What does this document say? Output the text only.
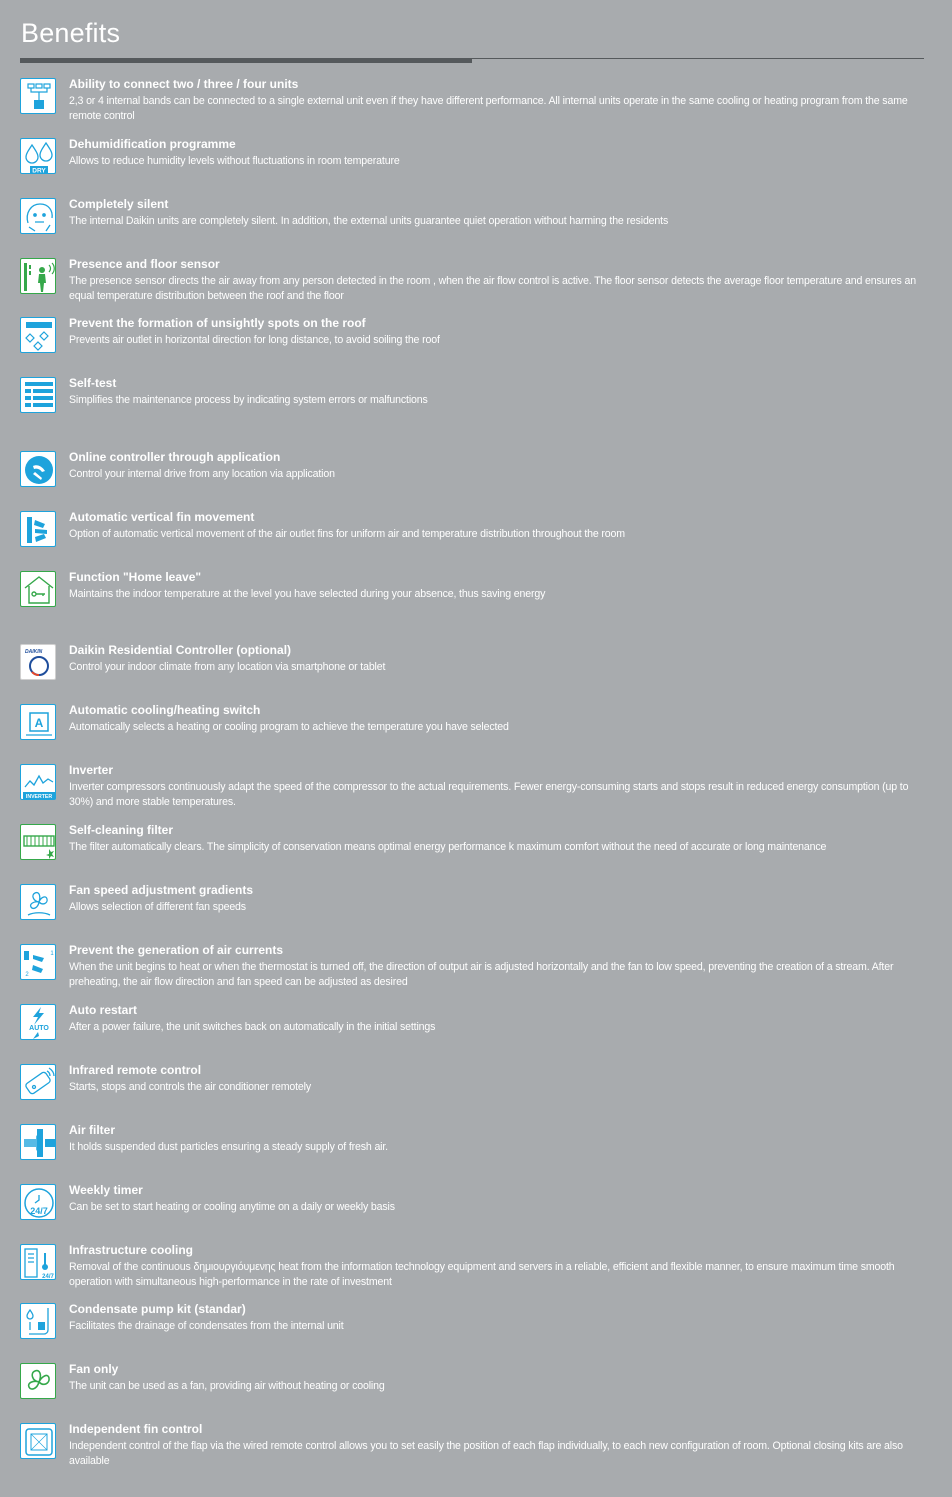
Benefits
Ability to connect two / three / four units
2,3 or 4 internal bands can be connected to a single external unit even if they have different performance. All internal units operate in the same cooling or heating program from the same remote control
DRY
Dehumidification programme
Allows to reduce humidity levels without fluctuations in room temperature
Completely silent
The internal Daikin units are completely silent. In addition, the external units guarantee quiet operation without harming the residents
Presence and floor sensor
The presence sensor directs the air away from any person detected in the room , when the air flow control is active. The floor sensor detects the average floor temperature and ensures an equal temperature distribution between the roof and the floor
Prevent the formation of unsightly spots on the roof
Prevents air outlet in horizontal direction for long distance, to avoid soiling the roof
Self-test
Simplifies the maintenance process by indicating system errors or malfunctions
Online controller through application
Control your internal drive from any location via application
Automatic vertical fin movement
Option of automatic vertical movement of the air outlet fins for uniform air and temperature distribution throughout the room
Function "Home leave"
Maintains the indoor temperature at the level you have selected during your absence, thus saving energy
DAIKIN Daikin Residential Controller (optional)
Control your indoor climate from any location via smartphone or tablet
A
Automatic cooling/heating switch
Automatically selects a heating or cooling program to achieve the temperature you have selected
INVERTER
Inverter
Inverter compressors continuously adapt the speed of the compressor to the actual requirements. Fewer energy-consuming starts and stops result in reduced energy consumption (up to 30%) and more stable temperatures.
Self-cleaning filter
The filter automatically clears. The simplicity of conservation means optimal energy performance k maximum comfort without the need of accurate or long maintenance
Fan speed adjustment gradients
Allows selection of different fan speeds
1
2
Prevent the generation of air currents
When the unit begins to heat or when the thermostat is turned off, the direction of output air is adjusted horizontally and the fan to low speed, preventing the creation of a stream. After preheating, the air flow direction and fan speed can be adjusted as desired
AUTO
Auto restart
After a power failure, the unit switches back on automatically in the initial settings
Infrared remote control
Starts, stops and controls the air conditioner remotely
Air filter
It holds suspended dust particles ensuring a steady supply of fresh air.
24/7
Weekly timer
Can be set to start heating or cooling anytime on a daily or weekly basis
24/7
Infrastructure cooling
Removal of the continuous δημιουργιόυμενης heat from the information technology equipment and servers in a reliable, efficient and flexible manner, to ensure maximum time smooth operation with simultaneous high-performance in the rate of investment
Condensate pump kit (standar)
Facilitates the drainage of condensates from the internal unit
Fan only
The unit can be used as a fan, providing air without heating or cooling
Independent fin control
Independent control of the flap via the wired remote control allows you to set easily the position of each flap individually, to each new configuration of room. Optional closing kits are also available
